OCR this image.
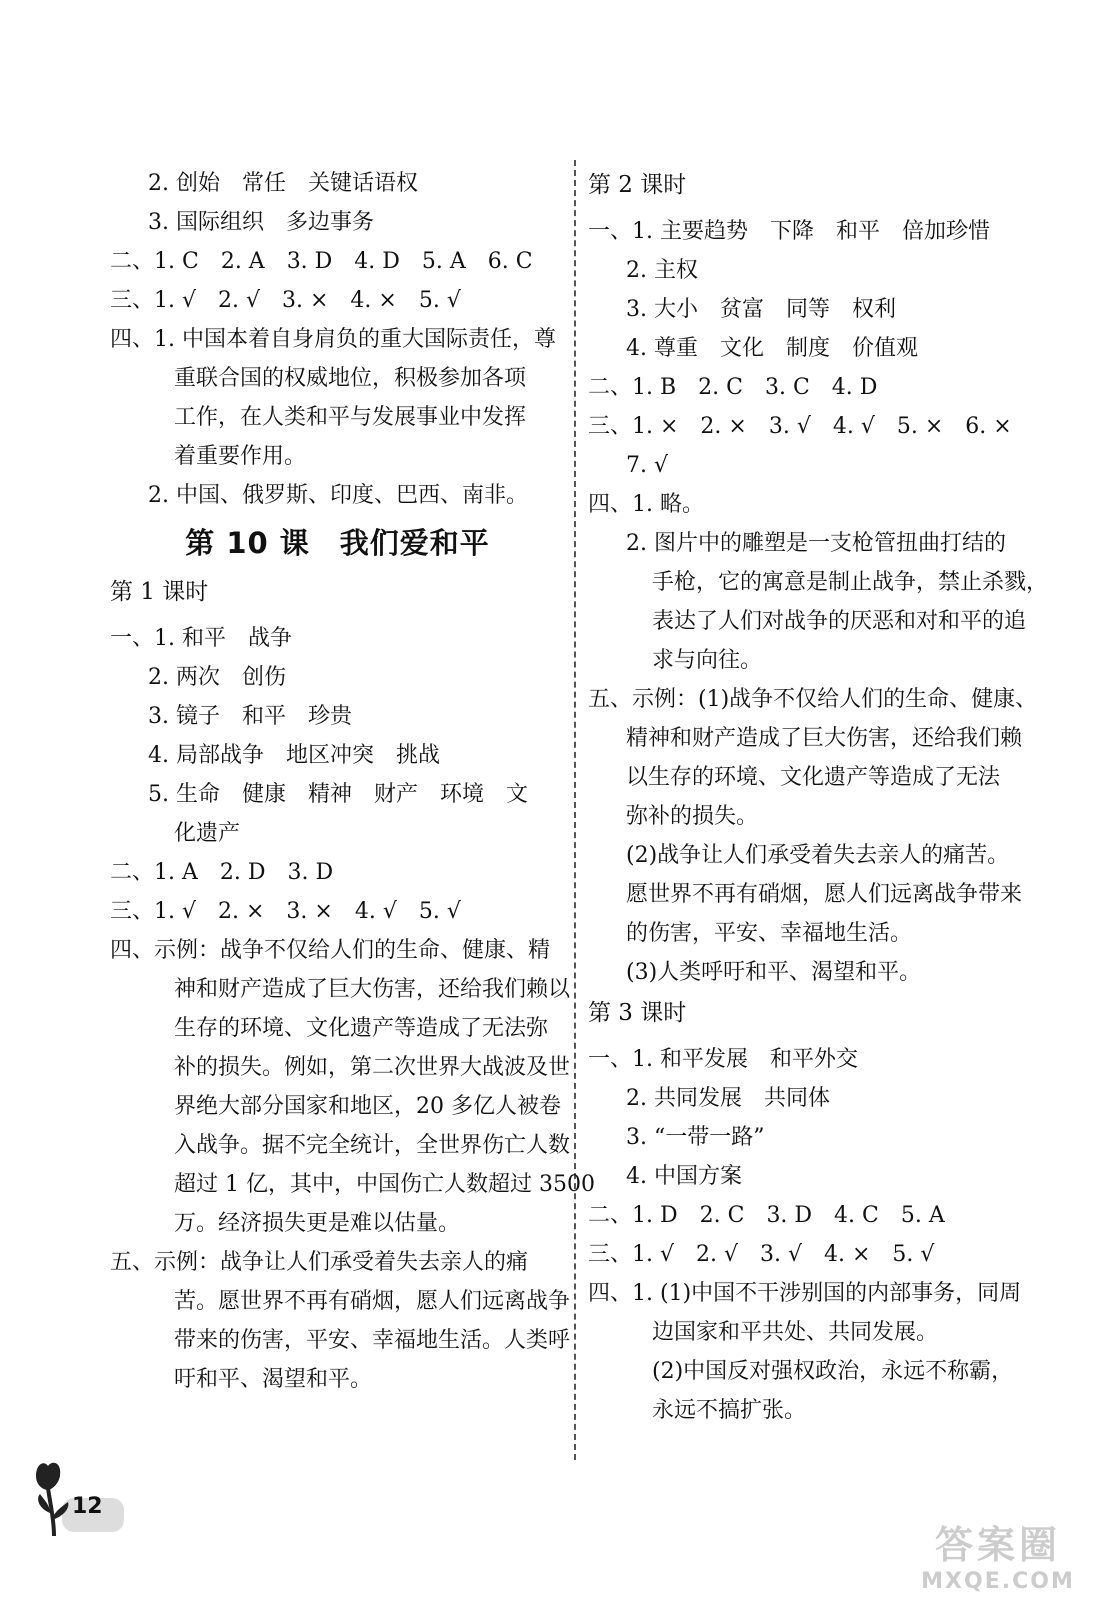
2. 创始　常任　关键话语权
3. 国际组织　多边事务
二、1. C　2. A　3. D　4. D　5. A　6. C
三、1. √　2. √　3. ×　4. ×　5. √
四、1. 中国本着自身肩负的重大国际责任，尊
重联合国的权威地位，积极参加各项
工作，在人类和平与发展事业中发挥
着重要作用。
2. 中国、俄罗斯、印度、巴西、南非。
第 10 课　我们爱和平
第 1 课时
一、1. 和平　战争
2. 两次　创伤
3. 镜子　和平　珍贵
4. 局部战争　地区冲突　挑战
5. 生命　健康　精神　财产　环境　文
化遗产
二、1. A　2. D　3. D
三、1. √　2. ×　3. ×　4. √　5. √
四、示例：战争不仅给人们的生命、健康、精
神和财产造成了巨大伤害，还给我们赖以
生存的环境、文化遗产等造成了无法弥
补的损失。例如，第二次世界大战波及世
界绝大部分国家和地区，20 多亿人被卷
入战争。据不完全统计，全世界伤亡人数
超过 1 亿，其中，中国伤亡人数超过 3500
万。经济损失更是难以估量。
五、示例：战争让人们承受着失去亲人的痛
苦。愿世界不再有硝烟，愿人们远离战争
带来的伤害，平安、幸福地生活。人类呼
吁和平、渴望和平。
第 2 课时
一、1. 主要趋势　下降　和平　倍加珍惜
2. 主权
3. 大小　贫富　同等　权利
4. 尊重　文化　制度　价值观
二、1. B　2. C　3. C　4. D
三、1. ×　2. ×　3. √　4. √　5. ×　6. ×
7. √
四、1. 略。
2. 图片中的雕塑是一支枪管扭曲打结的
手枪，它的寓意是制止战争，禁止杀戮，
表达了人们对战争的厌恶和对和平的追
求与向往。
五、示例：(1)战争不仅给人们的生命、健康、
精神和财产造成了巨大伤害，还给我们赖
以生存的环境、文化遗产等造成了无法
弥补的损失。
(2)战争让人们承受着失去亲人的痛苦。
愿世界不再有硝烟，愿人们远离战争带来
的伤害，平安、幸福地生活。
(3)人类呼吁和平、渴望和平。
第 3 课时
一、1. 和平发展　和平外交
2. 共同发展　共同体
3. “一带一路”
4. 中国方案
二、1. D　2. C　3. D　4. C　5. A
三、1. √　2. √　3. √　4. ×　5. √
四、1. (1)中国不干涉别国的内部事务，同周
边国家和平共处、共同发展。
(2)中国反对强权政治，永远不称霸，
永远不搞扩张。
12
答案圈
MXQE.COM
